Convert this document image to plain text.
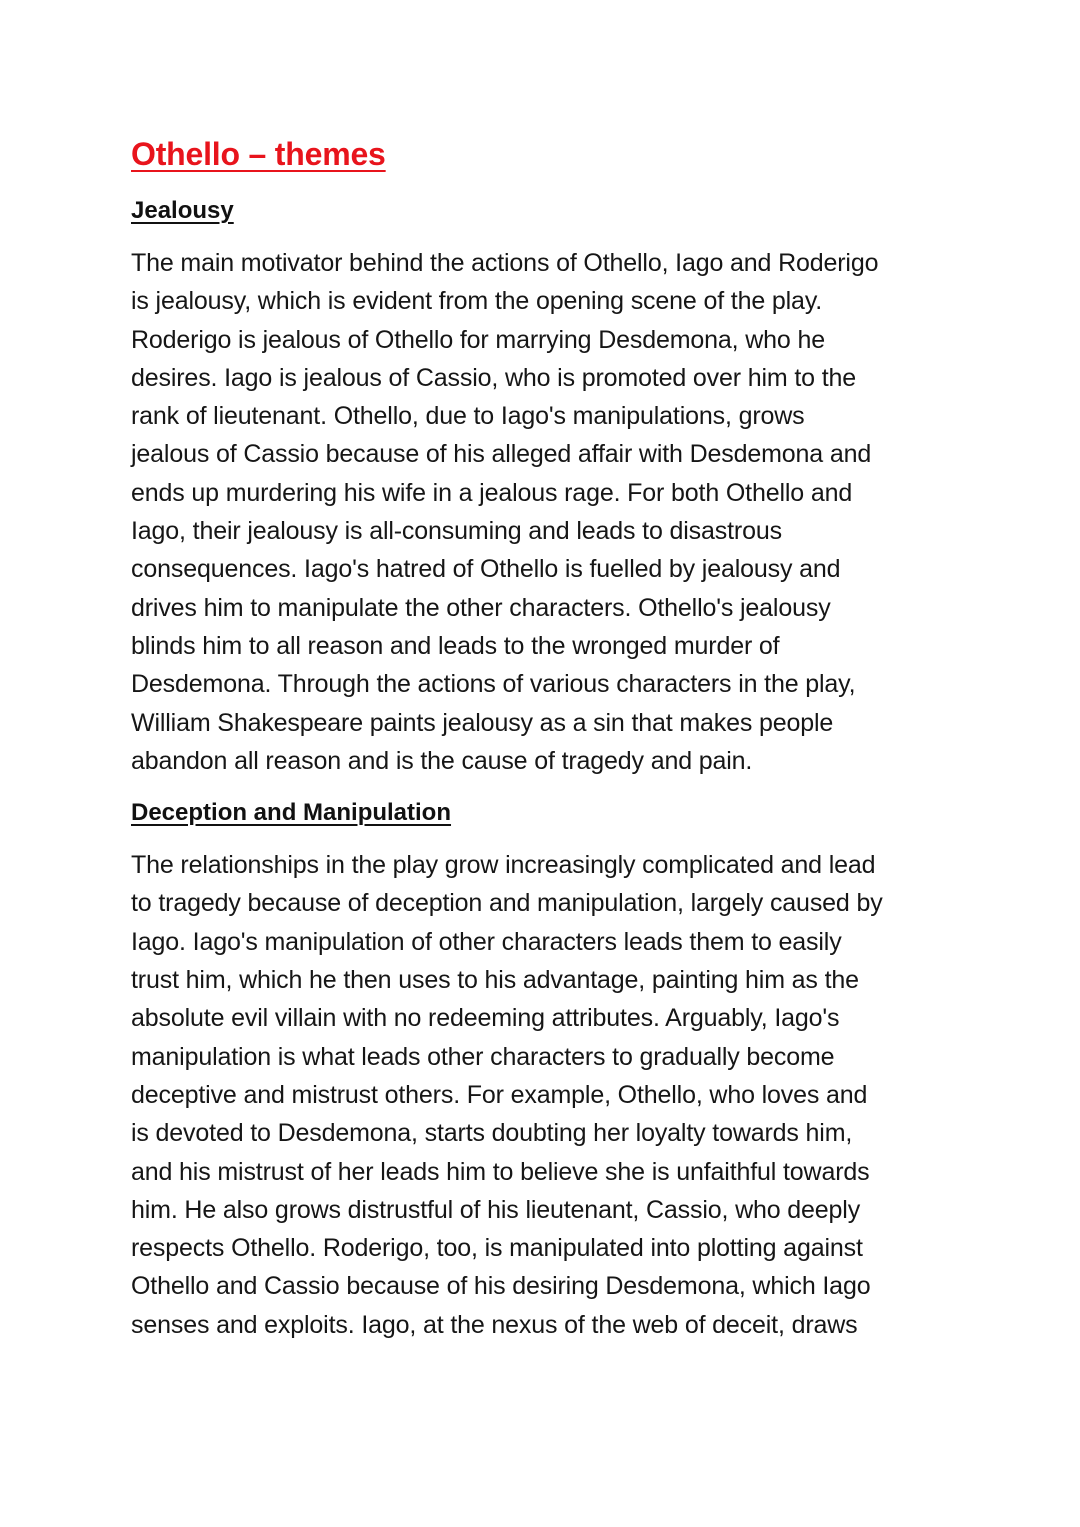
Othello – themes
Jealousy

The main motivator behind the actions of Othello, Iago and Roderigo
is jealousy, which is evident from the opening scene of the play.
Roderigo is jealous of Othello for marrying Desdemona, who he
desires. Iago is jealous of Cassio, who is promoted over him to the
rank of lieutenant. Othello, due to Iago's manipulations, grows
jealous of Cassio because of his alleged affair with Desdemona and
ends up murdering his wife in a jealous rage. For both Othello and
Iago, their jealousy is all-consuming and leads to disastrous
consequences. Iago's hatred of Othello is fuelled by jealousy and
drives him to manipulate the other characters. Othello's jealousy
blinds him to all reason and leads to the wronged murder of
Desdemona. Through the actions of various characters in the play,
William Shakespeare paints jealousy as a sin that makes people
abandon all reason and is the cause of tragedy and pain.

Deception and Manipulation

The relationships in the play grow increasingly complicated and lead
to tragedy because of deception and manipulation, largely caused by
Iago. Iago's manipulation of other characters leads them to easily
trust him, which he then uses to his advantage, painting him as the
absolute evil villain with no redeeming attributes. Arguably, Iago's
manipulation is what leads other characters to gradually become
deceptive and mistrust others. For example, Othello, who loves and
is devoted to Desdemona, starts doubting her loyalty towards him,
and his mistrust of her leads him to believe she is unfaithful towards
him. He also grows distrustful of his lieutenant, Cassio, who deeply
respects Othello. Roderigo, too, is manipulated into plotting against
Othello and Cassio because of his desiring Desdemona, which Iago
senses and exploits. Iago, at the nexus of the web of deceit, draws
